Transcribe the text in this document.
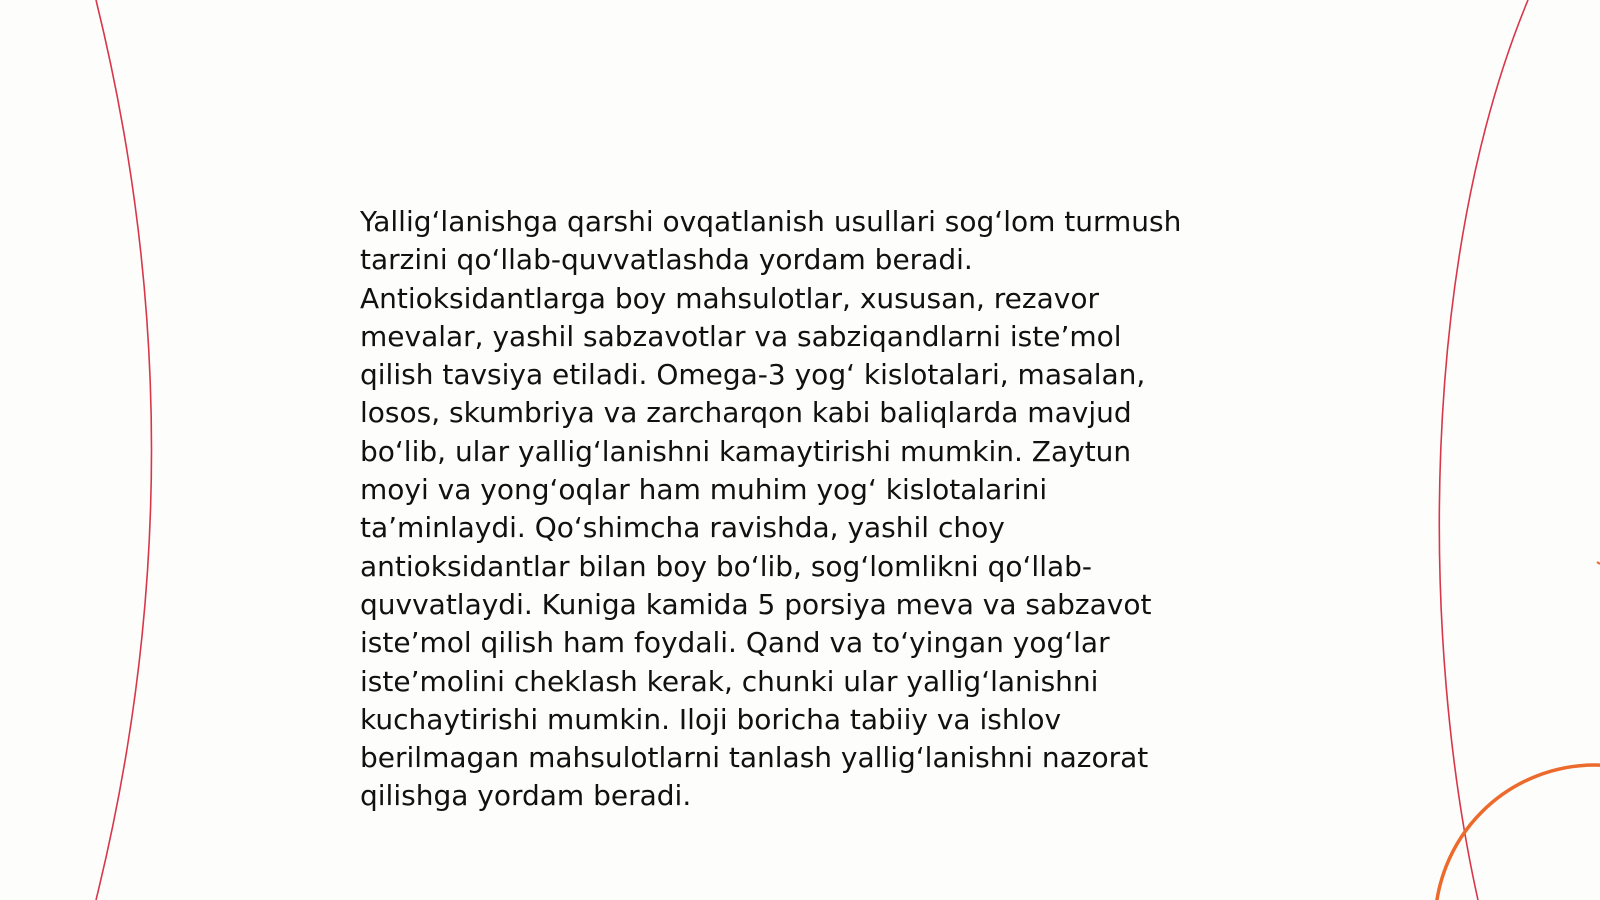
Yallig‘lanishga qarshi ovqatlanish usullari sog‘lom turmush
tarzini qo‘llab-quvvatlashda yordam beradi.
Antioksidantlarga boy mahsulotlar, xususan, rezavor
mevalar, yashil sabzavotlar va sabziqandlarni iste’mol
qilish tavsiya etiladi. Omega-3 yog‘ kislotalari, masalan,
losos, skumbriya va zarcharqon kabi baliqlarda mavjud
bo‘lib, ular yallig‘lanishni kamaytirishi mumkin. Zaytun
moyi va yong‘oqlar ham muhim yog‘ kislotalarini
ta’minlaydi. Qo‘shimcha ravishda, yashil choy
antioksidantlar bilan boy bo‘lib, sog‘lomlikni qo‘llab-
quvvatlaydi. Kuniga kamida 5 porsiya meva va sabzavot
iste’mol qilish ham foydali. Qand va to‘yingan yog‘lar
iste’molini cheklash kerak, chunki ular yallig‘lanishni
kuchaytirishi mumkin. Iloji boricha tabiiy va ishlov
berilmagan mahsulotlarni tanlash yallig‘lanishni nazorat
qilishga yordam beradi.
